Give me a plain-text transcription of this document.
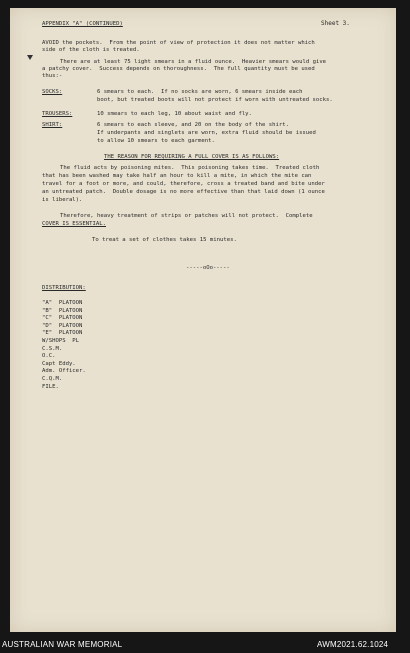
APPENDIX "A" (CONTINUED)	Sheet 3.
AVOID the pockets.  From the point of view of protection it does not matter which
side of the cloth is treated.
There are at least 75 light smears in a fluid ounce.  Heavier smears would give
a patchy cover.  Success depends on thoroughness.  The full quantity must be used
thus:-
SOCKS:	6 smears to each.  If no socks are worn, 6 smears inside each
boot, but treated boots will not protect if worn with untreated socks.
TROUSERS:	10 smears to each leg, 10 about waist and fly.
SHIRT:	6 smears to each sleeve, and 20 on the body of the shirt.
If underpants and singlets are worn, extra fluid should be issued
to allow 10 smears to each garment.
THE REASON FOR REQUIRING A FULL COVER IS AS FOLLOWS:
The fluid acts by poisoning mites.  This poisoning takes time.  Treated cloth
that has been washed may take half an hour to kill a mite, in which the mite can
travel for a foot or more, and could, therefore, cross a treated band and bite under
an untreated patch.  Double dosage is no more effective than that laid down (1 ounce
is liberal).
Therefore, heavy treatment of strips or patches will not protect.  Complete
COVER IS ESSENTIAL.
To treat a set of clothes takes 15 minutes.
-----oOo-----
DISTRIBUTION:
"A"  PLATOON
"B"  PLATOON
"C"  PLATOON
"D"  PLATOON
"E"  PLATOON
W/SHOPS  PL
C.S.M.
O.C.
Capt Eddy.
Adm. Officer.
C.Q.M.
FILE.
AUSTRALIAN WAR MEMORIAL	AWM2021.62.1024
